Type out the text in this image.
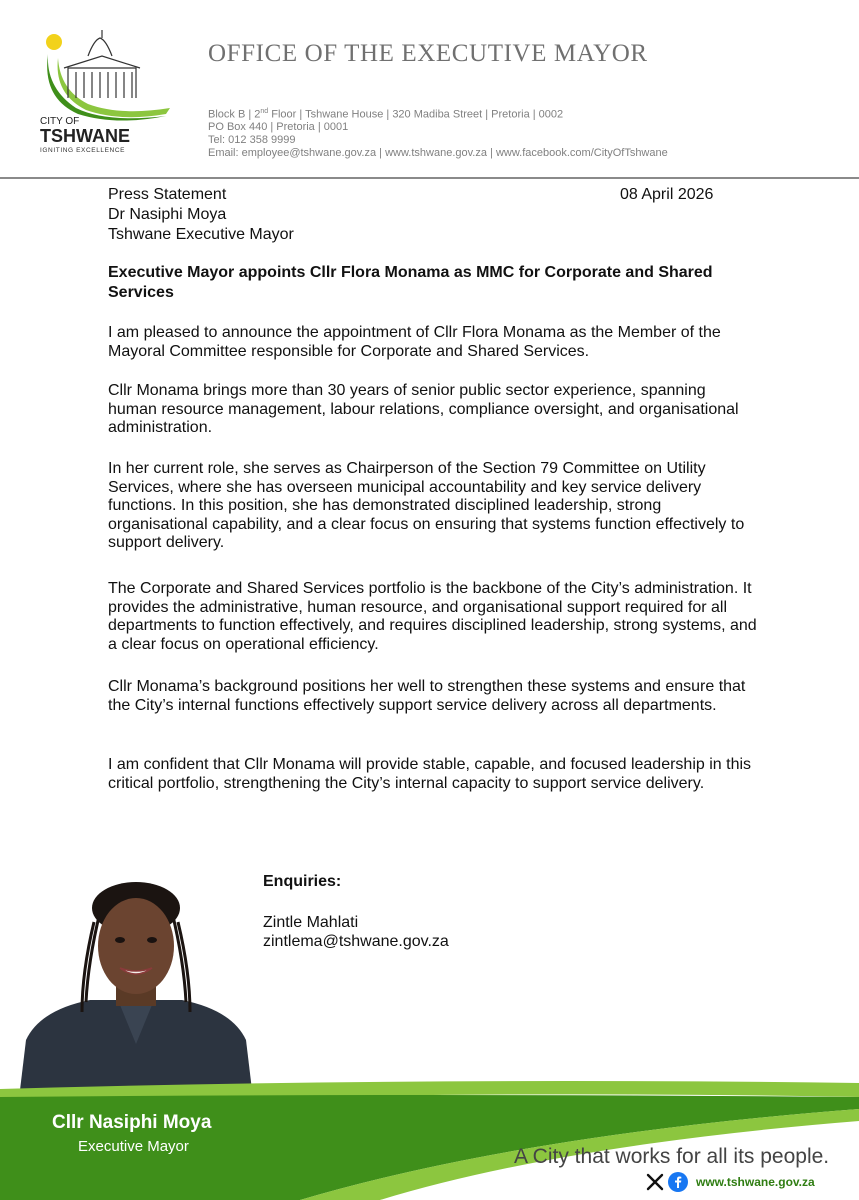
CITY OF
TSHWANE
IGNITING EXCELLENCE
OFFICE OF THE EXECUTIVE MAYOR
Block B | 2nd Floor | Tshwane House | 320 Madiba Street | Pretoria | 0002
PO Box 440 | Pretoria | 0001
Tel: 012 358 9999
Email: employee@tshwane.gov.za | www.tshwane.gov.za | www.facebook.com/CityOfTshwane
Press Statement	08 April 2026
Dr Nasiphi Moya
Tshwane Executive Mayor
Executive Mayor appoints Cllr Flora Monama as MMC for Corporate and Shared Services
I am pleased to announce the appointment of Cllr Flora Monama as the Member of the Mayoral Committee responsible for Corporate and Shared Services.
Cllr Monama brings more than 30 years of senior public sector experience, spanning human resource management, labour relations, compliance oversight, and organisational administration.
In her current role, she serves as Chairperson of the Section 79 Committee on Utility Services, where she has overseen municipal accountability and key service delivery functions. In this position, she has demonstrated disciplined leadership, strong organisational capability, and a clear focus on ensuring that systems function effectively to support delivery.
The Corporate and Shared Services portfolio is the backbone of the City’s administration. It provides the administrative, human resource, and organisational support required for all departments to function effectively, and requires disciplined leadership, strong systems, and a clear focus on operational efficiency.
Cllr Monama’s background positions her well to strengthen these systems and ensure that the City’s internal functions effectively support service delivery across all departments.
I am confident that Cllr Monama will provide stable, capable, and focused leadership in this critical portfolio, strengthening the City’s internal capacity to support service delivery.
Enquiries:
Zintle Mahlati
zintlema@tshwane.gov.za
Cllr Nasiphi Moya
Executive Mayor	A City that works for all its people.
www.tshwane.gov.za
